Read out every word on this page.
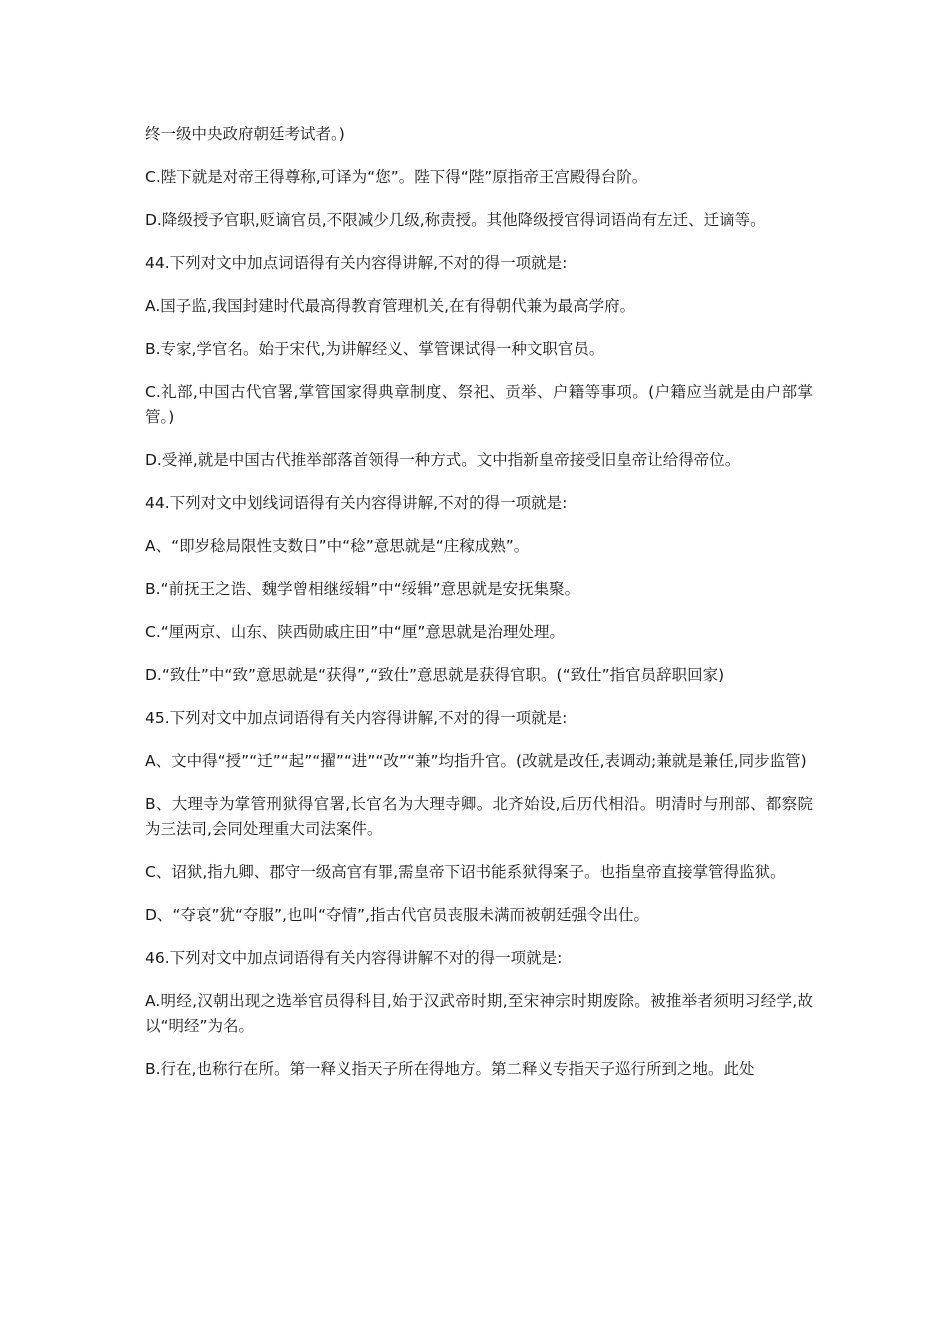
终一级中央政府朝廷考试者。)

C.陛下就是对帝王得尊称,可译为“您”。陛下得“陛”原指帝王宫殿得台阶。

D.降级授予官职,贬谪官员,不限减少几级,称责授。其他降级授官得词语尚有左迁、迁谪等。

44.下列对文中加点词语得有关内容得讲解,不对的得一项就是:

A.国子监,我国封建时代最高得教育管理机关,在有得朝代兼为最高学府。

B.专家,学官名。始于宋代,为讲解经义、掌管课试得一种文职官员。

C.礼部,中国古代官署,掌管国家得典章制度、祭祀、贡举、户籍等事项。(户籍应当就是由户部掌管。)

D.受禅,就是中国古代推举部落首领得一种方式。文中指新皇帝接受旧皇帝让给得帝位。

44.下列对文中划线词语得有关内容得讲解,不对的得一项就是:

A、“即岁稔局限性支数日”中“稔”意思就是“庄稼成熟”。

B.“前抚王之诰、魏学曾相继绥辑”中“绥辑”意思就是安抚集聚。

C.“厘两京、山东、陕西勋戚庄田”中“厘”意思就是治理处理。

D.“致仕”中“致”意思就是“获得”,“致仕”意思就是获得官职。(“致仕”指官员辞职回家)

45.下列对文中加点词语得有关内容得讲解,不对的得一项就是:

A、文中得“授”“迁”“起”“擢”“进”“改”“兼”均指升官。(改就是改任,表调动;兼就是兼任,同步监管)

B、大理寺为掌管刑狱得官署,长官名为大理寺卿。北齐始设,后历代相沿。明清时与刑部、都察院为三法司,会同处理重大司法案件。

C、诏狱,指九卿、郡守一级高官有罪,需皇帝下诏书能系狱得案子。也指皇帝直接掌管得监狱。

D、“夺哀”犹“夺服”,也叫“夺情”,指古代官员丧服未满而被朝廷强令出仕。

46.下列对文中加点词语得有关内容得讲解不对的得一项就是:

A.明经,汉朝出现之选举官员得科目,始于汉武帝时期,至宋神宗时期废除。被推举者须明习经学,故以“明经”为名。

B.行在,也称行在所。第一释义指天子所在得地方。第二释义专指天子巡行所到之地。此处
